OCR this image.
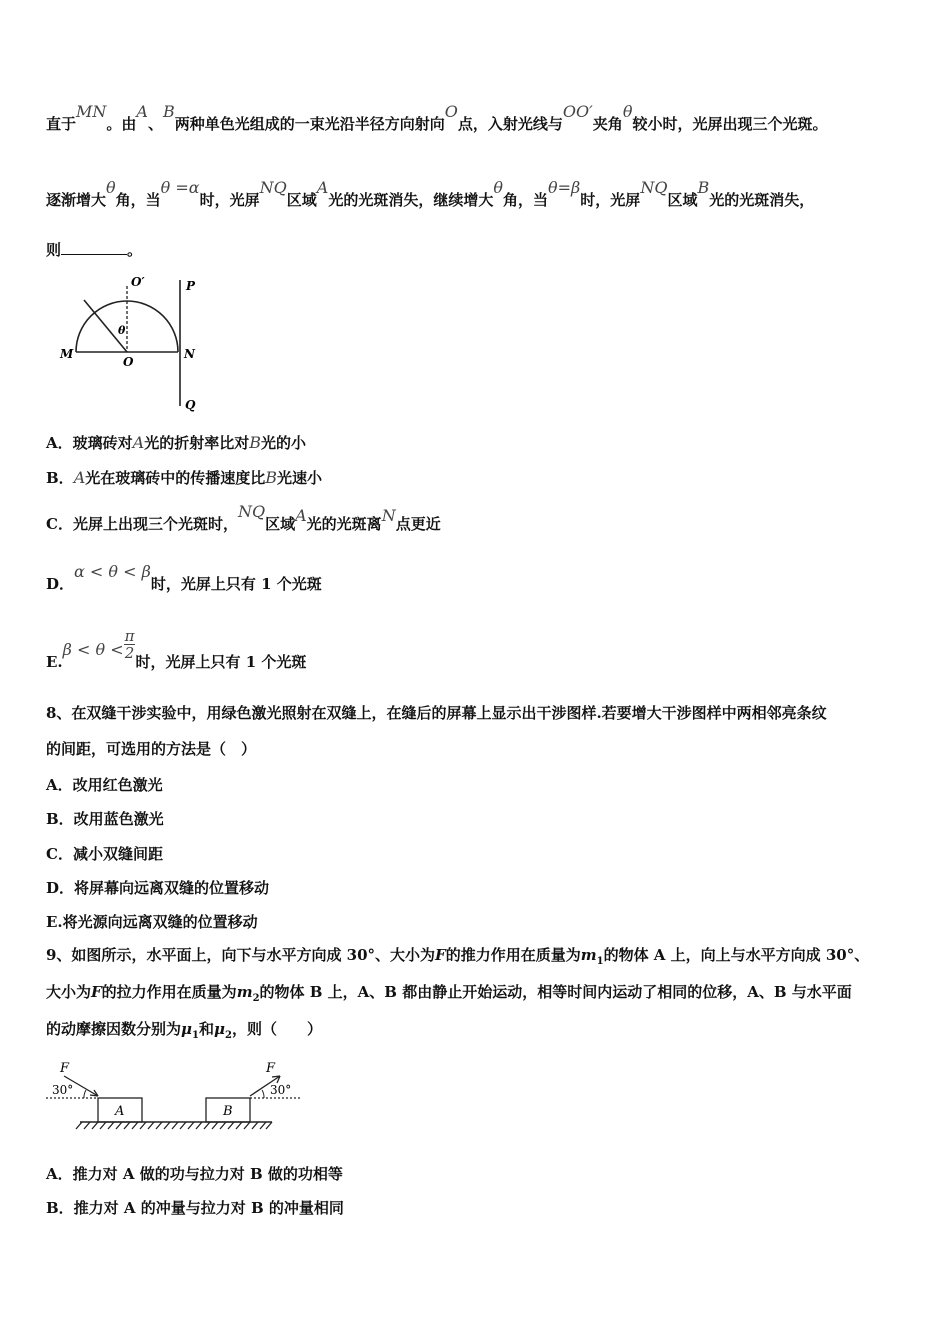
直于MN。由A、B两种单色光组成的一束光沿半径方向射向O点，入射光线与OO′夹角θ较小时，光屏出现三个光斑。
逐渐增大θ角，当θ =α时，光屏NQ区域A光的光斑消失，继续增大θ角，当θ=β时，光屏NQ区域B光的光斑消失，
则	。
O′	P
θ
M
O
N
Q
A．玻璃砖对A光的折射率比对B光的小
B．A光在玻璃砖中的传播速度比B光速小
C．光屏上出现三个光斑时，NQ区域A光的光斑离N点更近
D．α < θ < β时，光屏上只有 1 个光斑
$E.\beta < \theta < \frac{\pi}{2}$
时，光屏上只有 1 个光斑
8、在双缝干涉实验中，用绿色激光照射在双缝上，在缝后的屏幕上显示出干涉图样.若要增大干涉图样中两相邻亮条纹
的间距，可选用的方法是（　）
A．改用红色激光
B．改用蓝色激光
C．减小双缝间距
D．将屏幕向远离双缝的位置移动
E.将光源向远离双缝的位置移动
9、如图所示，水平面上，向下与水平方向成 30°、大小为F的推力作用在质量为$m_1$的物体 A 上，向上与水平方向成 30°、
大小为F的拉力作用在质量为$m_2$的物体 B 上，A、B 都由静止开始运动，相等时间内运动了相同的位移，A、B 与水平面
的动摩擦因数分别为$\mu_1$和$\mu_2$，则（　　）
F
30°
A	B
F
30°
A．推力对 A 做的功与拉力对 B 做的功相等
B．推力对 A 的冲量与拉力对 B 的冲量相同
